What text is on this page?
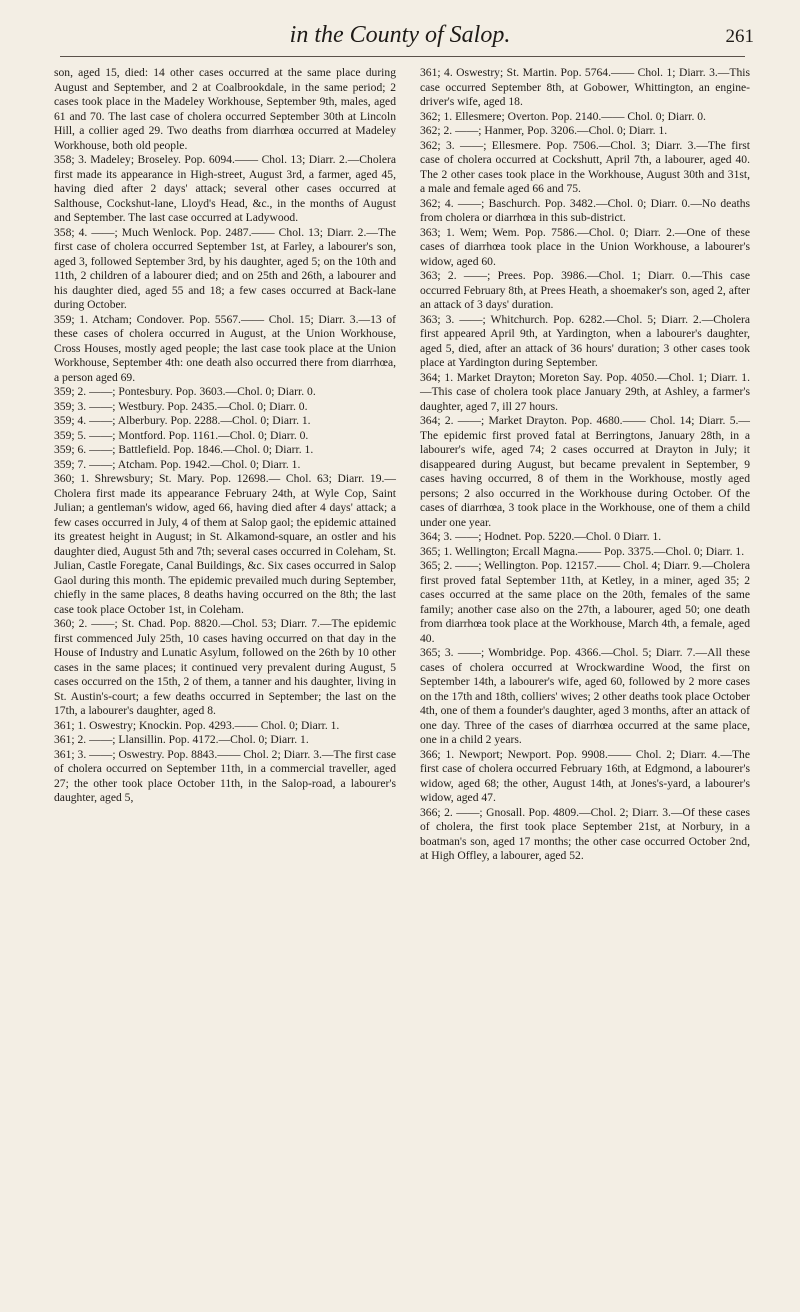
in the County of Salop.	261

son, aged 15, died: 14 other cases occurred at the same place during August and September, and 2 at Coalbrookdale, in the same period; 2 cases took place in the Madeley Workhouse, September 9th, males, aged 61 and 70. The last case of cholera occurred September 30th at Lincoln Hill, a collier aged 29. Two deaths from diarrhœa occurred at Madeley Workhouse, both old people.

358; 3. Madeley; Broseley. Pop. 6094.—— Chol. 13; Diarr. 2.—Cholera first made its appearance in High-street, August 3rd, a farmer, aged 45, having died after 2 days' attack; several other cases occurred at Salthouse, Cockshut-lane, Lloyd's Head, &c., in the months of August and September. The last case occurred at Ladywood.

358; 4. ——; Much Wenlock. Pop. 2487.—— Chol. 13; Diarr. 2.—The first case of cholera occurred September 1st, at Farley, a labourer's son, aged 3, followed September 3rd, by his daughter, aged 5; on the 10th and 11th, 2 children of a labourer died; and on 25th and 26th, a labourer and his daughter died, aged 55 and 18; a few cases occurred at Back-lane during October.

359; 1. Atcham; Condover. Pop. 5567.—— Chol. 15; Diarr. 3.—13 of these cases of cholera occurred in August, at the Union Workhouse, Cross Houses, mostly aged people; the last case took place at the Union Workhouse, September 4th: one death also occurred there from diarrhœa, a person aged 69.

359; 2. ——; Pontesbury. Pop. 3603.—Chol. 0; Diarr. 0.

359; 3. ——; Westbury. Pop. 2435.—Chol. 0; Diarr. 0.

359; 4. ——; Alberbury. Pop. 2288.—Chol. 0; Diarr. 1.

359; 5. ——; Montford. Pop. 1161.—Chol. 0; Diarr. 0.

359; 6. ——; Battlefield. Pop. 1846.—Chol. 0; Diarr. 1.

359; 7. ——; Atcham. Pop. 1942.—Chol. 0; Diarr. 1.

360; 1. Shrewsbury; St. Mary. Pop. 12698.— Chol. 63; Diarr. 19.—Cholera first made its appearance February 24th, at Wyle Cop, Saint Julian; a gentleman's widow, aged 66, having died after 4 days' attack; a few cases occurred in July, 4 of them at Salop gaol; the epidemic attained its greatest height in August; in St. Alkamond-square, an ostler and his daughter died, August 5th and 7th; several cases occurred in Coleham, St. Julian, Castle Foregate, Canal Buildings, &c. Six cases occurred in Salop Gaol during this month. The epidemic prevailed much during September, chiefly in the same places, 8 deaths having occurred on the 8th; the last case took place October 1st, in Coleham.

360; 2. ——; St. Chad. Pop. 8820.—Chol. 53; Diarr. 7.—The epidemic first commenced July 25th, 10 cases having occurred on that day in the House of Industry and Lunatic Asylum, followed on the 26th by 10 other cases in the same places; it continued very prevalent during August, 5 cases occurred on the 15th, 2 of them, a tanner and his daughter, living in St. Austin's-court; a few deaths occurred in September; the last on the 17th, a labourer's daughter, aged 8.

361; 1. Oswestry; Knockin. Pop. 4293.—— Chol. 0; Diarr. 1.

361; 2. ——; Llansillin. Pop. 4172.—Chol. 0; Diarr. 1.

361; 3. ——; Oswestry. Pop. 8843.—— Chol. 2; Diarr. 3.—The first case of cholera occurred on September 11th, in a commercial traveller, aged 27; the other took place October 11th, in the Salop-road, a labourer's daughter, aged 5,

361; 4. Oswestry; St. Martin. Pop. 5764.—— Chol. 1; Diarr. 3.—This case occurred September 8th, at Gobower, Whittington, an engine-driver's wife, aged 18.

362; 1. Ellesmere; Overton. Pop. 2140.—— Chol. 0; Diarr. 0.

362; 2. ——; Hanmer, Pop. 3206.—Chol. 0; Diarr. 1.

362; 3. ——; Ellesmere. Pop. 7506.—Chol. 3; Diarr. 3.—The first case of cholera occurred at Cockshutt, April 7th, a labourer, aged 40. The 2 other cases took place in the Workhouse, August 30th and 31st, a male and female aged 66 and 75.

362; 4. ——; Baschurch. Pop. 3482.—Chol. 0; Diarr. 0.—No deaths from cholera or diarrhœa in this sub-district.

363; 1. Wem; Wem. Pop. 7586.—Chol. 0; Diarr. 2.—One of these cases of diarrhœa took place in the Union Workhouse, a labourer's widow, aged 60.

363; 2. ——; Prees. Pop. 3986.—Chol. 1; Diarr. 0.—This case occurred February 8th, at Prees Heath, a shoemaker's son, aged 2, after an attack of 3 days' duration.

363; 3. ——; Whitchurch. Pop. 6282.—Chol. 5; Diarr. 2.—Cholera first appeared April 9th, at Yardington, when a labourer's daughter, aged 5, died, after an attack of 36 hours' duration; 3 other cases took place at Yardington during September.

364; 1. Market Drayton; Moreton Say. Pop. 4050.—Chol. 1; Diarr. 1.—This case of cholera took place January 29th, at Ashley, a farmer's daughter, aged 7, ill 27 hours.

364; 2. ——; Market Drayton. Pop. 4680.—— Chol. 14; Diarr. 5.—The epidemic first proved fatal at Berringtons, January 28th, in a labourer's wife, aged 74; 2 cases occurred at Drayton in July; it disappeared during August, but became prevalent in September, 9 cases having occurred, 8 of them in the Workhouse, mostly aged persons; 2 also occurred in the Workhouse during October. Of the cases of diarrhœa, 3 took place in the Workhouse, one of them a child under one year.

364; 3. ——; Hodnet. Pop. 5220.—Chol. 0 Diarr. 1.

365; 1. Wellington; Ercall Magna.—— Pop. 3375.—Chol. 0; Diarr. 1.

365; 2. ——; Wellington. Pop. 12157.—— Chol. 4; Diarr. 9.—Cholera first proved fatal September 11th, at Ketley, in a miner, aged 35; 2 cases occurred at the same place on the 20th, females of the same family; another case also on the 27th, a labourer, aged 50; one death from diarrhœa took place at the Workhouse, March 4th, a female, aged 40.

365; 3. ——; Wombridge. Pop. 4366.—Chol. 5; Diarr. 7.—All these cases of cholera occurred at Wrockwardine Wood, the first on September 14th, a labourer's wife, aged 60, followed by 2 more cases on the 17th and 18th, colliers' wives; 2 other deaths took place October 4th, one of them a founder's daughter, aged 3 months, after an attack of one day. Three of the cases of diarrhœa occurred at the same place, one in a child 2 years.

366; 1. Newport; Newport. Pop. 9908.—— Chol. 2; Diarr. 4.—The first case of cholera occurred February 16th, at Edgmond, a labourer's widow, aged 68; the other, August 14th, at Jones's-yard, a labourer's widow, aged 47.

366; 2. ——; Gnosall. Pop. 4809.—Chol. 2; Diarr. 3.—Of these cases of cholera, the first took place September 21st, at Norbury, in a boatman's son, aged 17 months; the other case occurred October 2nd, at High Offley, a labourer, aged 52.
